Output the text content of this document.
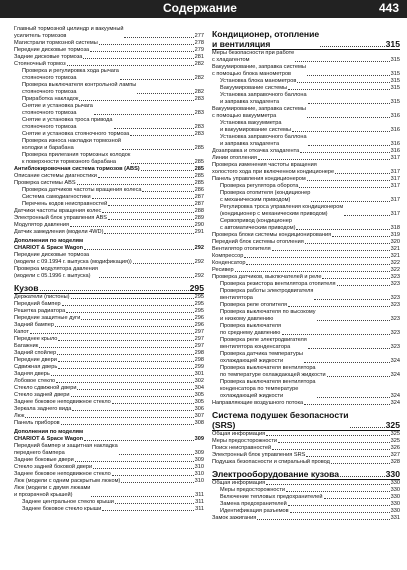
Содержание	443
Главный тормозной цилиндр и вакуумный
усилитель тормозов	277
Магистрали тормозной системы	278
Передние дисковые тормоза	279
Задние дисковые тормоза	281
Стояночный тормоз	282
Проверка и регулировка хода рычага
стояночного тормоза	282
Проверка выключателя контрольной лампы
стояночного тормоза	282
Приработка накладок	283
Снятие и установка рычага
стояночного тормоза	283
Снятие и установка троса привода
стояночного тормоза	283
Снятие и установка стояночного тормоза	283
Проверка износа накладки тормозной
колодки и барабана	285
Проверка прилегания тормозных колодок
к поверхности тормозного барабана	285
Антиблокировочная система тормозов (ABS)	285
Описание системы диагностики	285
Проверка системы ABS	285
Проверка датчиков частоты вращения колеса	286
Система самодиагностики	287
Перечень кодов неисправностей	287
Датчики частоты вращения колес	288
Электронный блок управления ABS	289
Модулятор давления	290
Датчик замедления (модели 4WD)	291
Дополнения по моделям
CHARIOT & Space Wagon	292
Передние дисковые тормоза
(модели с 09.1994 г. выпуска (модификация))	292
Проверка модулятора давления
(модели с 05.1996 г. выпуска)	292
Кузов	295
Держатели (пистоны)	295
Передний бампер	295
Решетка радиатора	295
Передние защитные дуги	296
Задний бампер	296
Капот	297
Переднее крыло	297
Багажник	297
Задний спойлер	298
Передние двери	298
Сдвижная дверь	299
Задняя дверь	301
Лобовое стекло	302
Стекло сдвижной двери	304
Стекло задней двери	305
Заднее боковое неподвижное стекло	305
Зеркала заднего вида	306
Люк	307
Панель приборов	308
Дополнения по моделям
CHARIOT & Space Wagon	309
Передний бампер и защитная накладка
переднего бампера	309
Задние боковые двери	309
Стекло задней боковой двери	310
Заднее боковое неподвижное стекло	310
Люк (модели с одним раскрытым люком)	310
Люк (модели с двумя люками
и прозрачной крышей)	311
Заднее центральное стекло крыши	311
Заднее боковое стекло крыши	311
Кондиционер, отопление
и вентиляция	315
Меры безопасности при работе
с хладагентом	315
Вакуумирование, заправка системы
с помощью блока манометров	315
Установка блока манометров	315
Вакуумирование системы	315
Установка заправочного баллона
и заправка хладагента	315
Вакуумирование, заправка системы
с помощью вакуумметра	316
Установка вакуумметра
и вакуумирование системы	316
Установка заправочного баллона
и заправка хладагента	316
Дозаправка и откачка хладагента	316
Линии отопления	317
Проверка изменения частоты вращения
холостого хода при включенном кондиционере	317
Панель управления кондиционером	317
Проверка регулятора оборота	317
Проверка отопителя (кондиционер
с механическим приводом)	317
Регулировка троса управления кондиционером
(кондиционер с механическим приводом)	317
Сервопривод (кондиционер
с автоматическим приводом)	318
Проверка блоки системы кондиционирования	319
Передний блок системы отопления	320
Вентилятор отопителя	321
Компрессор	321
Конденсатор	322
Ресивер	322
Проверка датчиков, выключателей и реле	323
Проверка резистора вентилятора отопителя	323
Проверка работы электродвигателя
вентилятора	323
Проверка реле отопителя	323
Проверка выключателя по высокому
и низкому давлению	323
Проверка выключателя
по среднему давлению	323
Проверка реле электродвигателя
вентилятора конденсатора	323
Проверка датчика температуры
охлаждающей жидкости	324
Проверка выключателя вентилятора
по температуре охлаждающей жидкости	324
Проверка выключателя вентилятора
конденсатора по температуре
охлаждающей жидкости	324
Направляющие воздушного потока	324
Система подушек безопасности
(SRS)	325
Общая информация	325
Меры предосторожности	325
Поиск неисправностей	326
Электронный блок управления SRS	327
Подушка безопасности и спиральный провод	328
Электрооборудование кузова	330
Общая информация	330
Меры предосторожности	330
Включение тепловых предохранителей	330
Замена предохранителей	330
Идентификация разъемов	330
Замок зажигания	331
